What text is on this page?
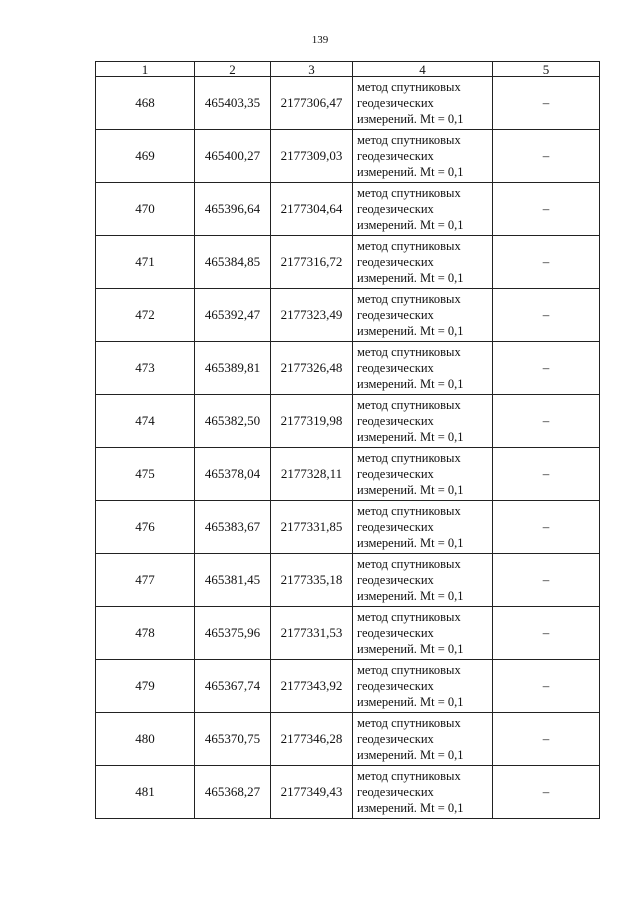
139
1	2	3	4	5
468	465403,35	2177306,47	метод спутниковых
геодезических
измерений. Mt = 0,1	–
469	465400,27	2177309,03	метод спутниковых
геодезических
измерений. Mt = 0,1	–
470	465396,64	2177304,64	метод спутниковых
геодезических
измерений. Mt = 0,1	–
471	465384,85	2177316,72	метод спутниковых
геодезических
измерений. Mt = 0,1	–
472	465392,47	2177323,49	метод спутниковых
геодезических
измерений. Mt = 0,1	–
473	465389,81	2177326,48	метод спутниковых
геодезических
измерений. Mt = 0,1	–
474	465382,50	2177319,98	метод спутниковых
геодезических
измерений. Mt = 0,1	–
475	465378,04	2177328,11	метод спутниковых
геодезических
измерений. Mt = 0,1	–
476	465383,67	2177331,85	метод спутниковых
геодезических
измерений. Mt = 0,1	–
477	465381,45	2177335,18	метод спутниковых
геодезических
измерений. Mt = 0,1	–
478	465375,96	2177331,53	метод спутниковых
геодезических
измерений. Mt = 0,1	–
479	465367,74	2177343,92	метод спутниковых
геодезических
измерений. Mt = 0,1	–
480	465370,75	2177346,28	метод спутниковых
геодезических
измерений. Mt = 0,1	–
481	465368,27	2177349,43	метод спутниковых
геодезических
измерений. Mt = 0,1	–
